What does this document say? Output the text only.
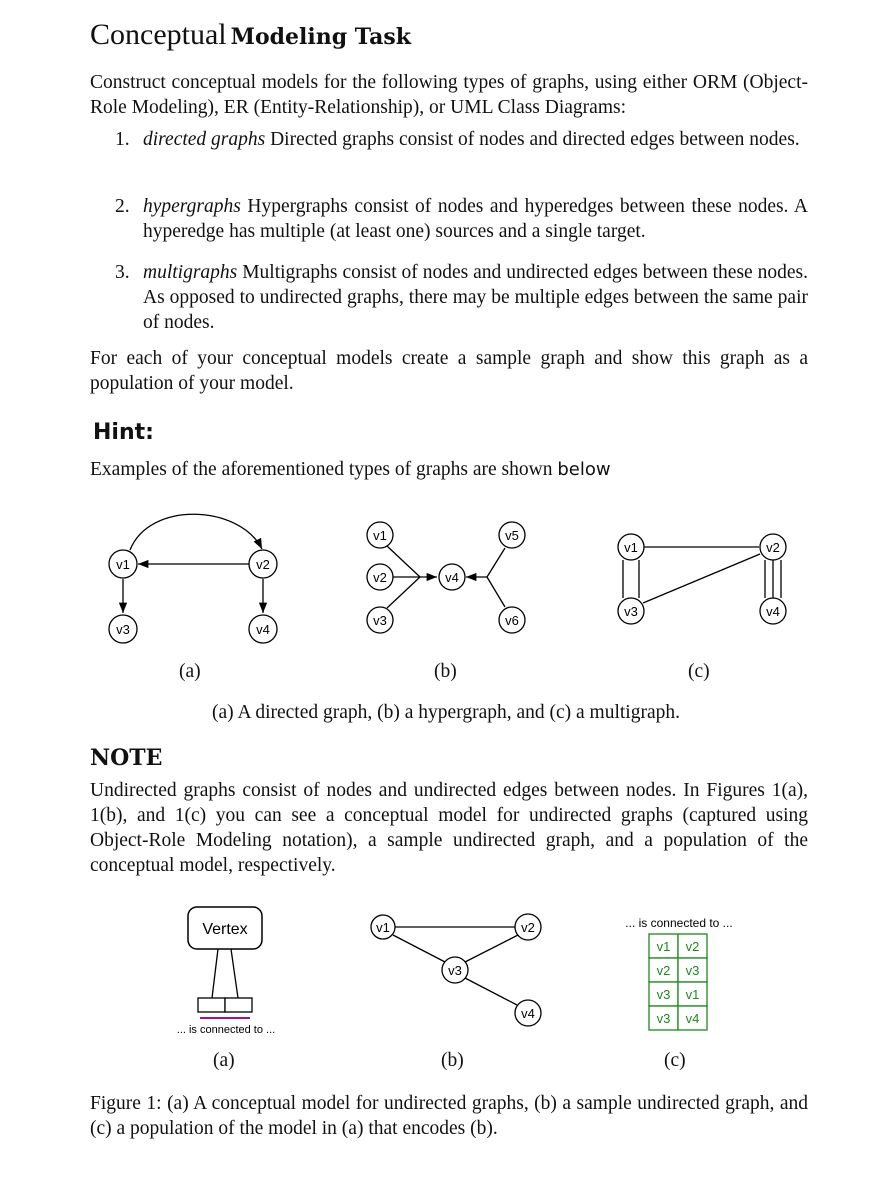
Conceptual Modeling Task
Construct conceptual models for the following types of graphs, using either ORM (Object-Role Modeling), ER (Entity-Relationship), or UML Class Diagrams:
1. directed graphs Directed graphs consist of nodes and directed edges between nodes.
2. hypergraphs Hypergraphs consist of nodes and hyperedges between these nodes. A hyperedge has multiple (at least one) sources and a single target.
3. multigraphs Multigraphs consist of nodes and undirected edges between these nodes. As opposed to undirected graphs, there may be multiple edges between the same pair of nodes.
For each of your conceptual models create a sample graph and show this graph as a population of your model.
Hint:
Examples of the aforementioned types of graphs are shown below
v1	v2
v3	v4
v1
v2
v3
v4
v5
v6
v1	v2
v3	v4
(a)	(b)	(c)
(a) A directed graph, (b) a hypergraph, and (c) a multigraph.
NOTE
Undirected graphs consist of nodes and undirected edges between nodes. In Figures 1(a), 1(b), and 1(c) you can see a conceptual model for undirected graphs (captured using Object-Role Modeling notation), a sample undirected graph, and a population of the conceptual model, respectively.
Vertex
... is connected to ...
v1	v2
v3
v4
... is connected to ...
v1 v2
v2 v3
v3 v1
v3 v4
(a)	(b)	(c)
Figure 1: (a) A conceptual model for undirected graphs, (b) a sample undirected graph, and (c) a population of the model in (a) that encodes (b).
